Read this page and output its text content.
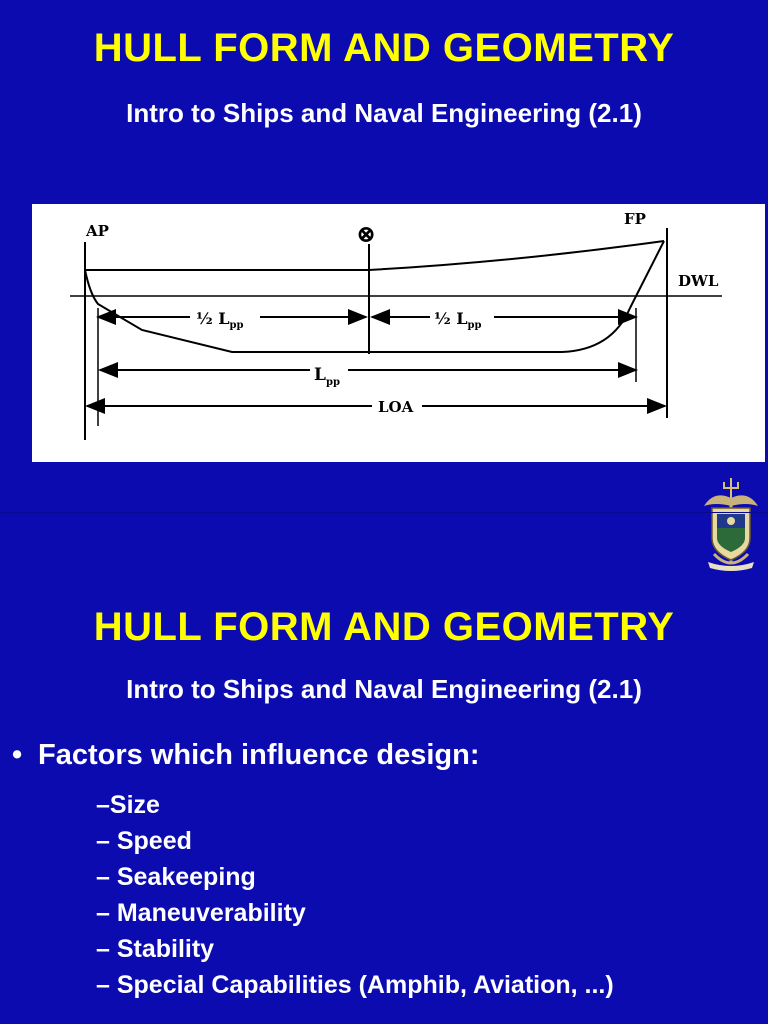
HULL FORM AND GEOMETRY
Intro to Ships and Naval Engineering (2.1)
AP
FP
DWL
⊗
½ $L_{pp}$	½ $L_{pp}$
$L_{pp}$
LOA
HULL FORM AND GEOMETRY
Intro to Ships and Naval Engineering (2.1)
• Factors which influence design:
–Size
– Speed
– Seakeeping
– Maneuverability
– Stability
– Special Capabilities (Amphib, Aviation, ...)
